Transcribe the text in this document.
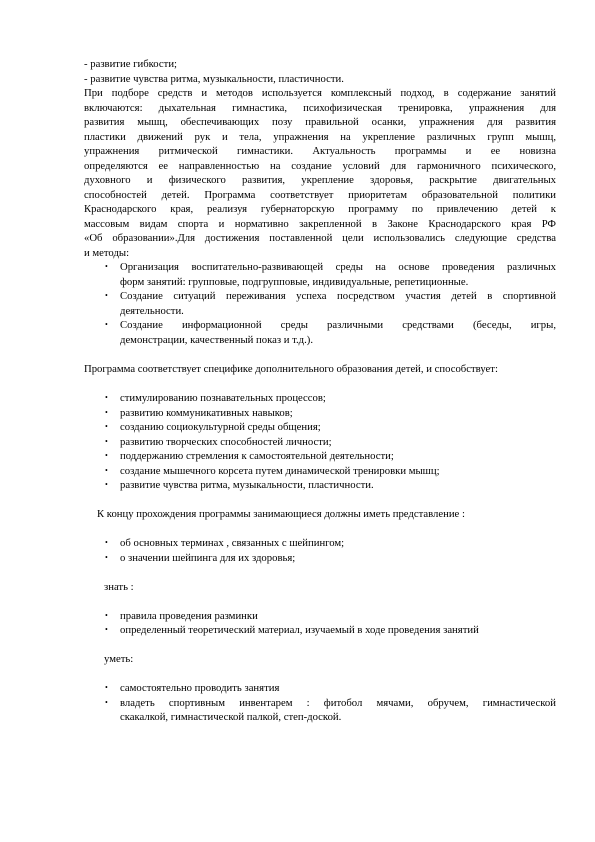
- развитие гибкости;
- развитие чувства ритма, музыкальности, пластичности.
При подборе средств и методов используется комплексный подход, в содержание занятий
включаются: дыхательная гимнастика, психофизическая тренировка, упражнения для
развития мышц, обеспечивающих позу правильной осанки, упражнения для развития
пластики движений рук и тела, упражнения на укрепление различных групп мышц,
упражнения ритмической гимнастики. Актуальность программы и ее новизна
определяются ее направленностью на создание условий для гармоничного психического,
духовного и физического развития, укрепление здоровья, раскрытие двигательных
способностей детей. Программа соответствует приоритетам образовательной политики
Краснодарского края, реализуя губернаторскую программу по привлечению детей к
массовым видам спорта и нормативно закрепленной в Законе Краснодарского края РФ
«Об образовании».Для достижения поставленной цели использовались следующие средства
и методы:
• Организация воспитательно-развивающей среды на основе проведения различных
форм занятий: групповые, подгрупповые, индивидуальные, репетиционные.
• Создание ситуаций переживания успеха посредством участия детей в спортивной
деятельности.
• Создание информационной среды различными средствами (беседы, игры,
демонстрации, качественный показ и т.д.).
Программа соответствует специфике дополнительного образования детей, и способствует:
• стимулированию познавательных процессов;
• развитию коммуникативных навыков;
• созданию социокультурной среды общения;
• развитию творческих способностей личности;
• поддержанию стремления к самостоятельной деятельности;
• создание мышечного корсета путем динамической тренировки мышц;
• развитие чувства ритма, музыкальности, пластичности.
К концу прохождения программы занимающиеся должны иметь представление :
• об основных терминах , связанных с шейпингом;
• о значении шейпинга для их здоровья;
знать :
• правила проведения разминки
• определенный теоретический материал, изучаемый в ходе проведения занятий
уметь:
• самостоятельно проводить занятия
• владеть спортивным инвентарем : фитобол мячами, обручем, гимнастической
скакалкой, гимнастической палкой, степ-доской.
